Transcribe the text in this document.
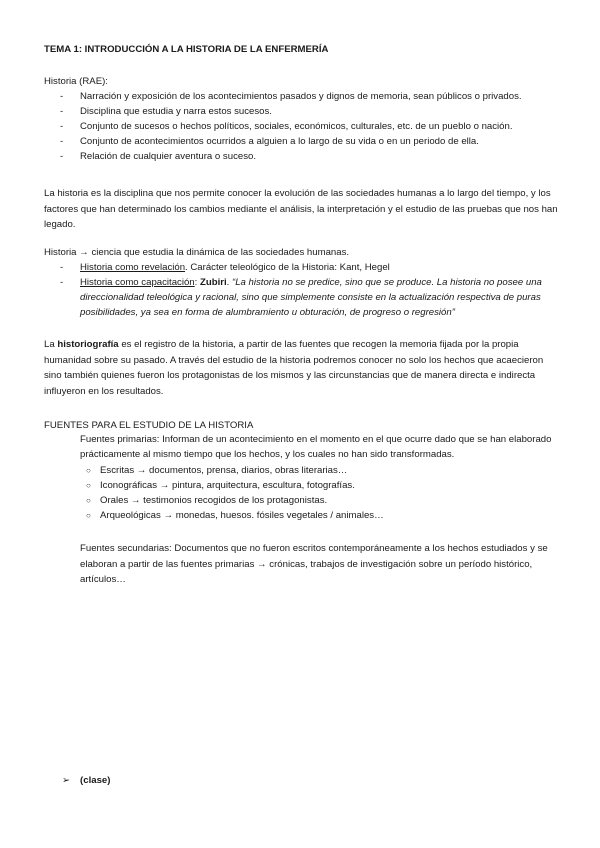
TEMA 1: INTRODUCCIÓN A LA HISTORIA DE LA ENFERMERÍA
Historia (RAE):
- Narración y exposición de los acontecimientos pasados y dignos de memoria, sean públicos o privados.
- Disciplina que estudia y narra estos sucesos.
- Conjunto de sucesos o hechos políticos, sociales, económicos, culturales, etc. de un pueblo o nación.
- Conjunto de acontecimientos ocurridos a alguien a lo largo de su vida o en un periodo de ella.
- Relación de cualquier aventura o suceso.
La historia es la disciplina que nos permite conocer la evolución de las sociedades humanas a lo largo del tiempo, y los factores que han determinado los cambios mediante el análisis, la interpretación y el estudio de las pruebas que nos han legado.
Historia → ciencia que estudia la dinámica de las sociedades humanas.
- Historia como revelación. Carácter teleológico de la Historia: Kant, Hegel
- Historia como capacitación: Zubiri. “La historia no se predice, sino que se produce. La historia no posee una direccionalidad teleológica y racional, sino que simplemente consiste en la actualización respectiva de puras posibilidades, ya sea en forma de alumbramiento u obturación, de progreso o regresión”
La historiografía es el registro de la historia, a partir de las fuentes que recogen la memoria fijada por la propia humanidad sobre su pasado. A través del estudio de la historia podremos conocer no solo los hechos que acaecieron sino también quienes fueron los protagonistas de los mismos y las circunstancias que de manera directa e indirecta influyeron en los resultados.
FUENTES PARA EL ESTUDIO DE LA HISTORIA
Fuentes primarias: Informan de un acontecimiento en el momento en el que ocurre dado que se han elaborado prácticamente al mismo tiempo que los hechos, y los cuales no han sido transformadas.
○ Escritas → documentos, prensa, diarios, obras literarias…
○ Iconográficas → pintura, arquitectura, escultura, fotografías.
○ Orales → testimonios recogidos de los protagonistas.
○ Arqueológicas → monedas, huesos. fósiles vegetales / animales…
Fuentes secundarias: Documentos que no fueron escritos contemporáneamente a los hechos estudiados y se elaboran a partir de las fuentes primarias → crónicas, trabajos de investigación sobre un período histórico, artículos…
➢ (clase)
